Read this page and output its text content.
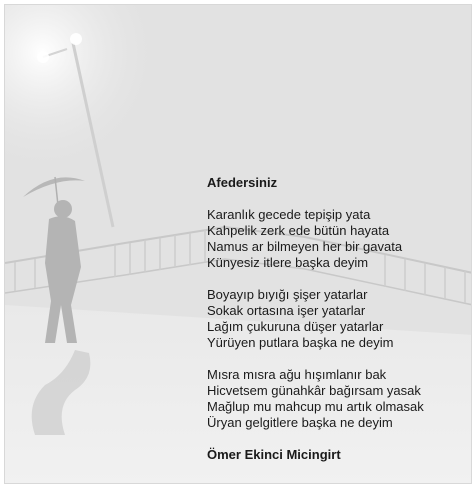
Afedersiniz
Karanlık gecede tepişip yata
Kahpelik zerk ede bütün hayata
Namus ar bilmeyen her bir gavata
Künyesiz itlere başka deyim
Boyayıp bıyığı şişer yatarlar
Sokak ortasına işer yatarlar
Lağım çukuruna düşer yatarlar
Yürüyen putlara başka ne deyim
Mısra mısra ağu hışımlanır bak
Hicvetsem günahkâr bağırsam yasak
Mağlup mu mahcup mu artık olmasak
Üryan gelgitlere başka ne deyim
Ömer Ekinci Micingirt
